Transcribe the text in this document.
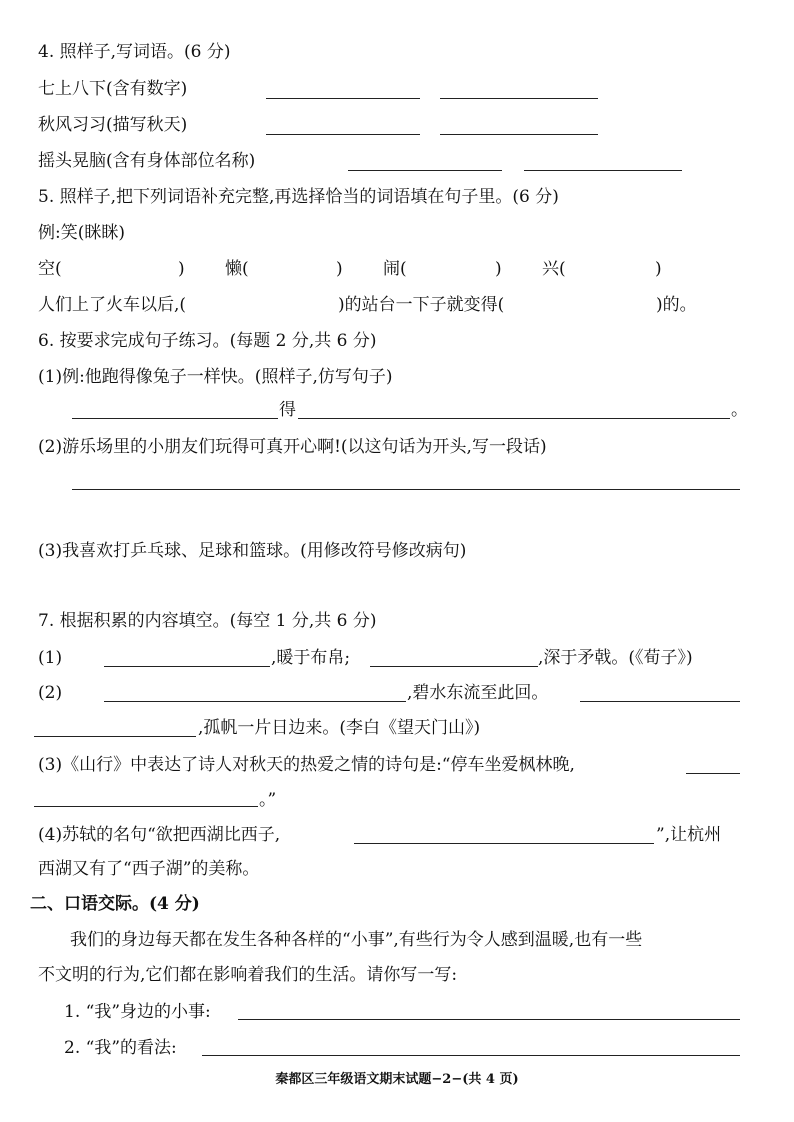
4. 照样子,写词语。(6 分)
七上八下(含有数字)
秋风习习(描写秋天)
摇头晃脑(含有身体部位名称)
5. 照样子,把下列词语补充完整,再选择恰当的词语填在句子里。(6 分)
例:笑(眯眯)
空(	) 懒(	) 闹(	) 兴(	)
人们上了火车以后,(	)的站台一下子就变得(	)的。
6. 按要求完成句子练习。(每题 2 分,共 6 分)
(1)例:他跑得像兔子一样快。(照样子,仿写句子)
得	。
(2)游乐场里的小朋友们玩得可真开心啊!(以这句话为开头,写一段话)
(3)我喜欢打乒乓球、足球和篮球。(用修改符号修改病句)
7. 根据积累的内容填空。(每空 1 分,共 6 分)
(1)	,暖于布帛;	,深于矛戟。(《荀子》)
(2)	,碧水东流至此回。
,孤帆一片日边来。(李白《望天门山》)
(3)《山行》中表达了诗人对秋天的热爱之情的诗句是:“停车坐爱枫林晚,
。”
(4)苏轼的名句“欲把西湖比西子,	”,让杭州
西湖又有了“西子湖”的美称。
二、口语交际。(4 分)
我们的身边每天都在发生各种各样的“小事”,有些行为令人感到温暖,也有一些
不文明的行为,它们都在影响着我们的生活。请你写一写:
1. “我”身边的小事:
2. “我”的看法:
秦都区三年级语文期末试题−2−(共 4 页)
